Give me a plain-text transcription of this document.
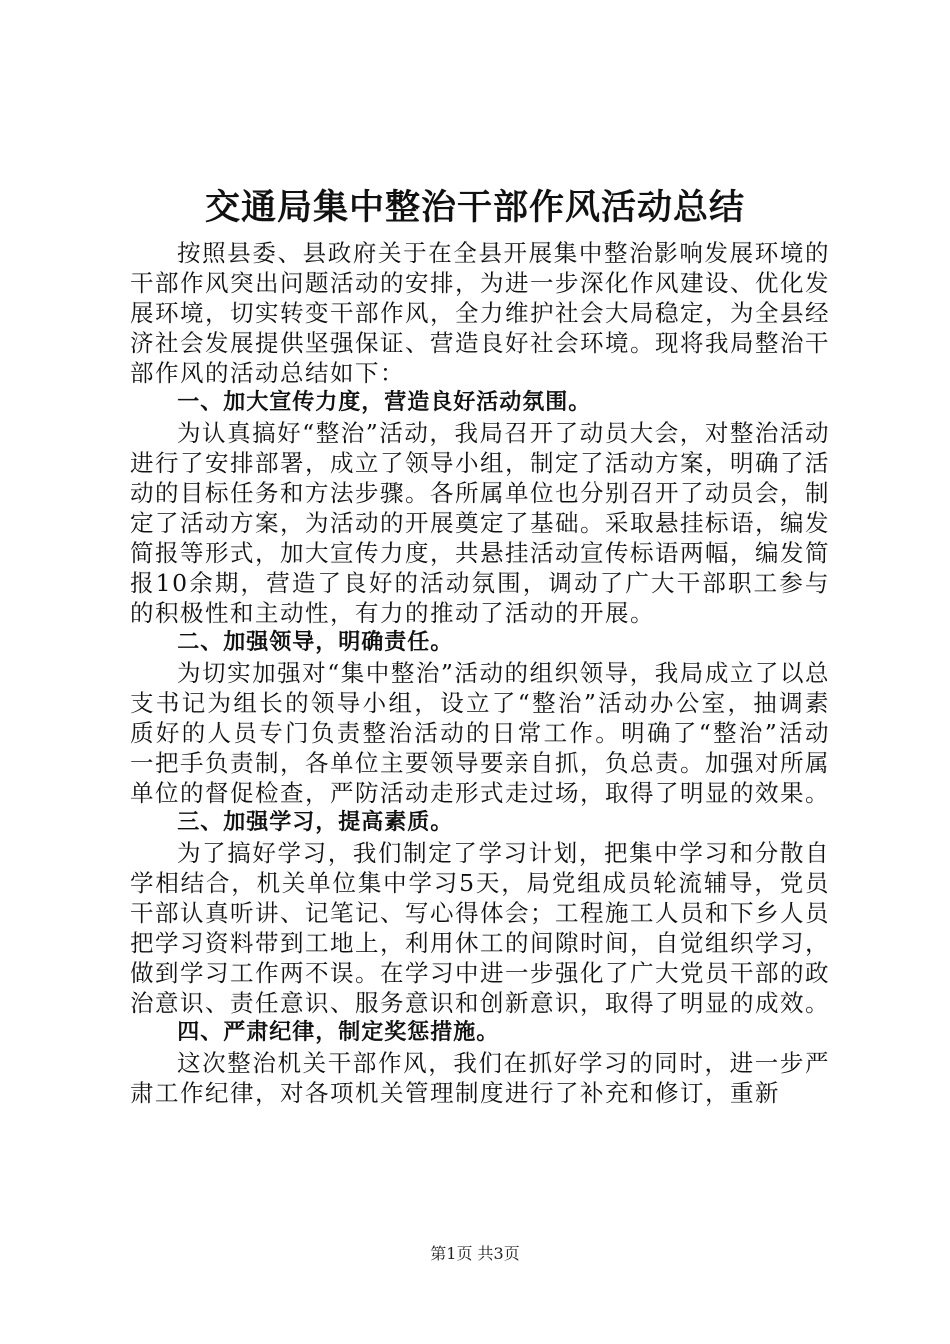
交通局集中整治干部作风活动总结

按照县委、县政府关于在全县开展集中整治影响发展环境的干部作风突出问题活动的安排，为进一步深化作风建设、优化发展环境，切实转变干部作风，全力维护社会大局稳定，为全县经济社会发展提供坚强保证、营造良好社会环境。现将我局整治干部作风的活动总结如下：

一、加大宣传力度，营造良好活动氛围。

为认真搞好“整治”活动，我局召开了动员大会，对整治活动进行了安排部署，成立了领导小组，制定了活动方案，明确了活动的目标任务和方法步骤。各所属单位也分别召开了动员会，制定了活动方案，为活动的开展奠定了基础。采取悬挂标语，编发简报等形式，加大宣传力度，共悬挂活动宣传标语两幅，编发简报10余期，营造了良好的活动氛围，调动了广大干部职工参与的积极性和主动性，有力的推动了活动的开展。

二、加强领导，明确责任。

为切实加强对“集中整治”活动的组织领导，我局成立了以总支书记为组长的领导小组，设立了“整治”活动办公室，抽调素质好的人员专门负责整治活动的日常工作。明确了“整治”活动一把手负责制，各单位主要领导要亲自抓，负总责。加强对所属单位的督促检查，严防活动走形式走过场，取得了明显的效果。

三、加强学习，提高素质。

为了搞好学习，我们制定了学习计划，把集中学习和分散自学相结合，机关单位集中学习5天，局党组成员轮流辅导，党员干部认真听讲、记笔记、写心得体会；工程施工人员和下乡人员把学习资料带到工地上，利用休工的间隙时间，自觉组织学习，做到学习工作两不误。在学习中进一步强化了广大党员干部的政治意识、责任意识、服务意识和创新意识，取得了明显的成效。

四、严肃纪律，制定奖惩措施。

这次整治机关干部作风，我们在抓好学习的同时，进一步严肃工作纪律，对各项机关管理制度进行了补充和修订，重新

第1页 共3页
